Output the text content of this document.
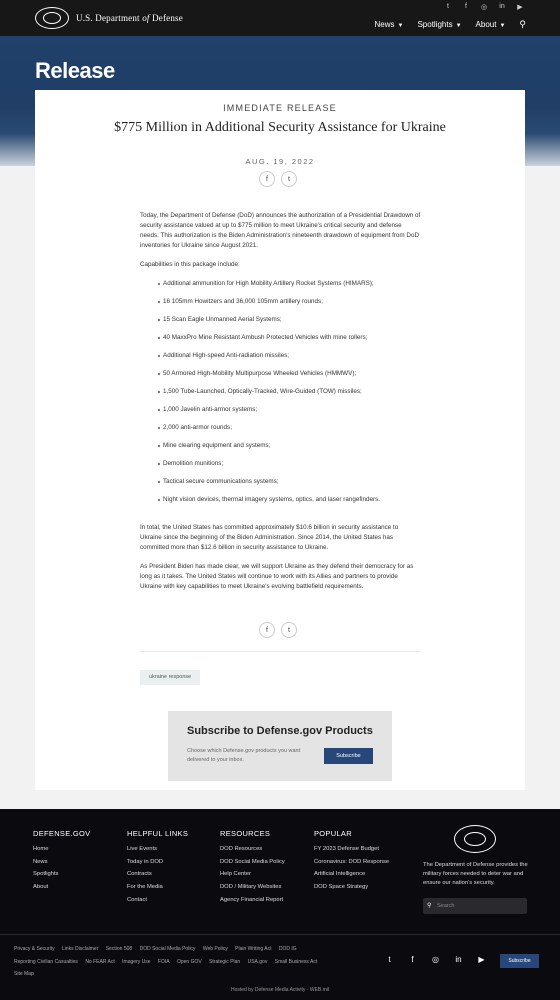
U.S. Department of Defense
t	f	◎ in ▶
News ▼ Spotlights ▼ About ▼ ⚲
Release
IMMEDIATE RELEASE
$775 Million in Additional Security Assistance for Ukraine
AUG. 19, 2022
f	t

Today, the Department of Defense (DoD) announces the authorization of a Presidential Drawdown of security assistance valued at up to $775 million to meet Ukraine's critical security and defense needs. This authorization is the Biden Administration's nineteenth drawdown of equipment from DoD inventories for Ukraine since August 2021.

Capabilities in this package include:

Additional ammunition for High Mobility Artillery Rocket Systems (HIMARS);
16 105mm Howitzers and 36,000 105mm artillery rounds;
15 Scan Eagle Unmanned Aerial Systems;
40 MaxxPro Mine Resistant Ambush Protected Vehicles with mine rollers;
Additional High-speed Anti-radiation missiles;
50 Armored High-Mobility Multipurpose Wheeled Vehicles (HMMWV);
1,500 Tube-Launched, Optically-Tracked, Wire-Guided (TOW) missiles;
1,000 Javelin anti-armor systems;
2,000 anti-armor rounds;
Mine clearing equipment and systems;
Demolition munitions;
Tactical secure communications systems;
Night vision devices, thermal imagery systems, optics, and laser rangefinders.

In total, the United States has committed approximately $10.6 billion in security assistance to Ukraine since the beginning of the Biden Administration. Since 2014, the United States has committed more than $12.6 billion in security assistance to Ukraine.

As President Biden has made clear, we will support Ukraine as they defend their democracy for as long as it takes. The United States will continue to work with its Allies and partners to provide Ukraine with key capabilities to meet Ukraine's evolving battlefield requirements.

f	t
ukraine response
Subscribe to Defense.gov Products
Choose which Defense.gov products you want delivered to your inbox.
Subscribe
DEFENSE.GOV
Home
News
Spotlights
About
HELPFUL LINKS
Live Events
Today in DOD
Contracts
For the Media
Contact
RESOURCES
DOD Resources
DOD Social Media Policy
Help Center
DOD / Military Websites
Agency Financial Report
POPULAR
FY 2023 Defense Budget
Coronavirus: DOD Response
Artificial Intelligence
DOD Space Strategy
The Department of Defense provides the military forces needed to deter war and ensure our nation's security.
⚲ Search
Privacy & Security Links Disclaimer Section 508 DOD Social Media Policy Web Policy Plain Writing Act DOD IG
Reporting Civilian Casualties No FEAR Act Imagery Use FOIA Open GOV Strategic Plan USA.gov Small Business Act
Site Map
t	f	◎ in ▶	Subscribe
Hosted by Defense Media Activity - WEB.mil
